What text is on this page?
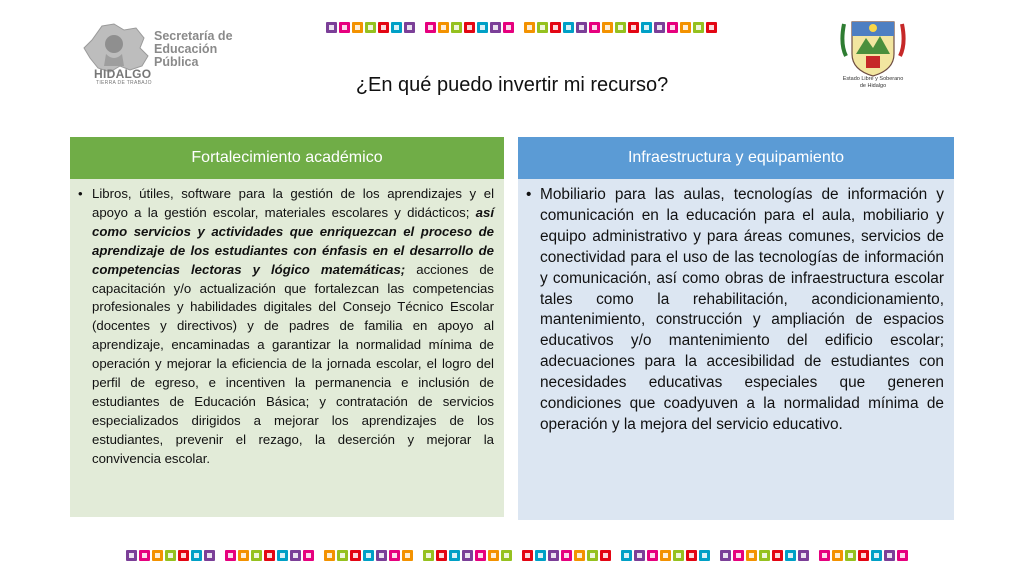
HIDALGO
TIERRA DE TRABAJO
Secretaría de
Educación
Pública
Estado Libre y Soberano
de Hidalgo
¿En qué puedo invertir mi recurso?
Fortalecimiento académico
• Libros, útiles, software para la gestión de los aprendizajes y el apoyo a la gestión escolar, materiales escolares y didácticos; así como servicios y actividades que enriquezcan el proceso de aprendizaje de los estudiantes con énfasis en el desarrollo de competencias lectoras y lógico matemáticas; acciones de capacitación y/o actualización que fortalezcan las competencias profesionales y habilidades digitales del Consejo Técnico Escolar (docentes y directivos) y de padres de familia en apoyo al aprendizaje, encaminadas a garantizar la normalidad mínima de operación y mejorar la eficiencia de la jornada escolar, el logro del perfil de egreso, e incentiven la permanencia e inclusión de estudiantes de Educación Básica; y contratación de servicios especializados dirigidos a mejorar los aprendizajes de los estudiantes, prevenir el rezago, la deserción y mejorar la convivencia escolar.

Infraestructura y equipamiento
• Mobiliario para las aulas, tecnologías de información y comunicación en la educación para el aula, mobiliario y equipo administrativo y para áreas comunes, servicios de conectividad para el uso de las tecnologías de información y comunicación, así como obras de infraestructura escolar tales como la rehabilitación, acondicionamiento, mantenimiento, construcción y ampliación de espacios educativos y/o mantenimiento del edificio escolar; adecuaciones para la accesibilidad de estudiantes con necesidades educativas especiales que generen condiciones que coadyuven a la normalidad mínima de operación y la mejora del servicio educativo.
